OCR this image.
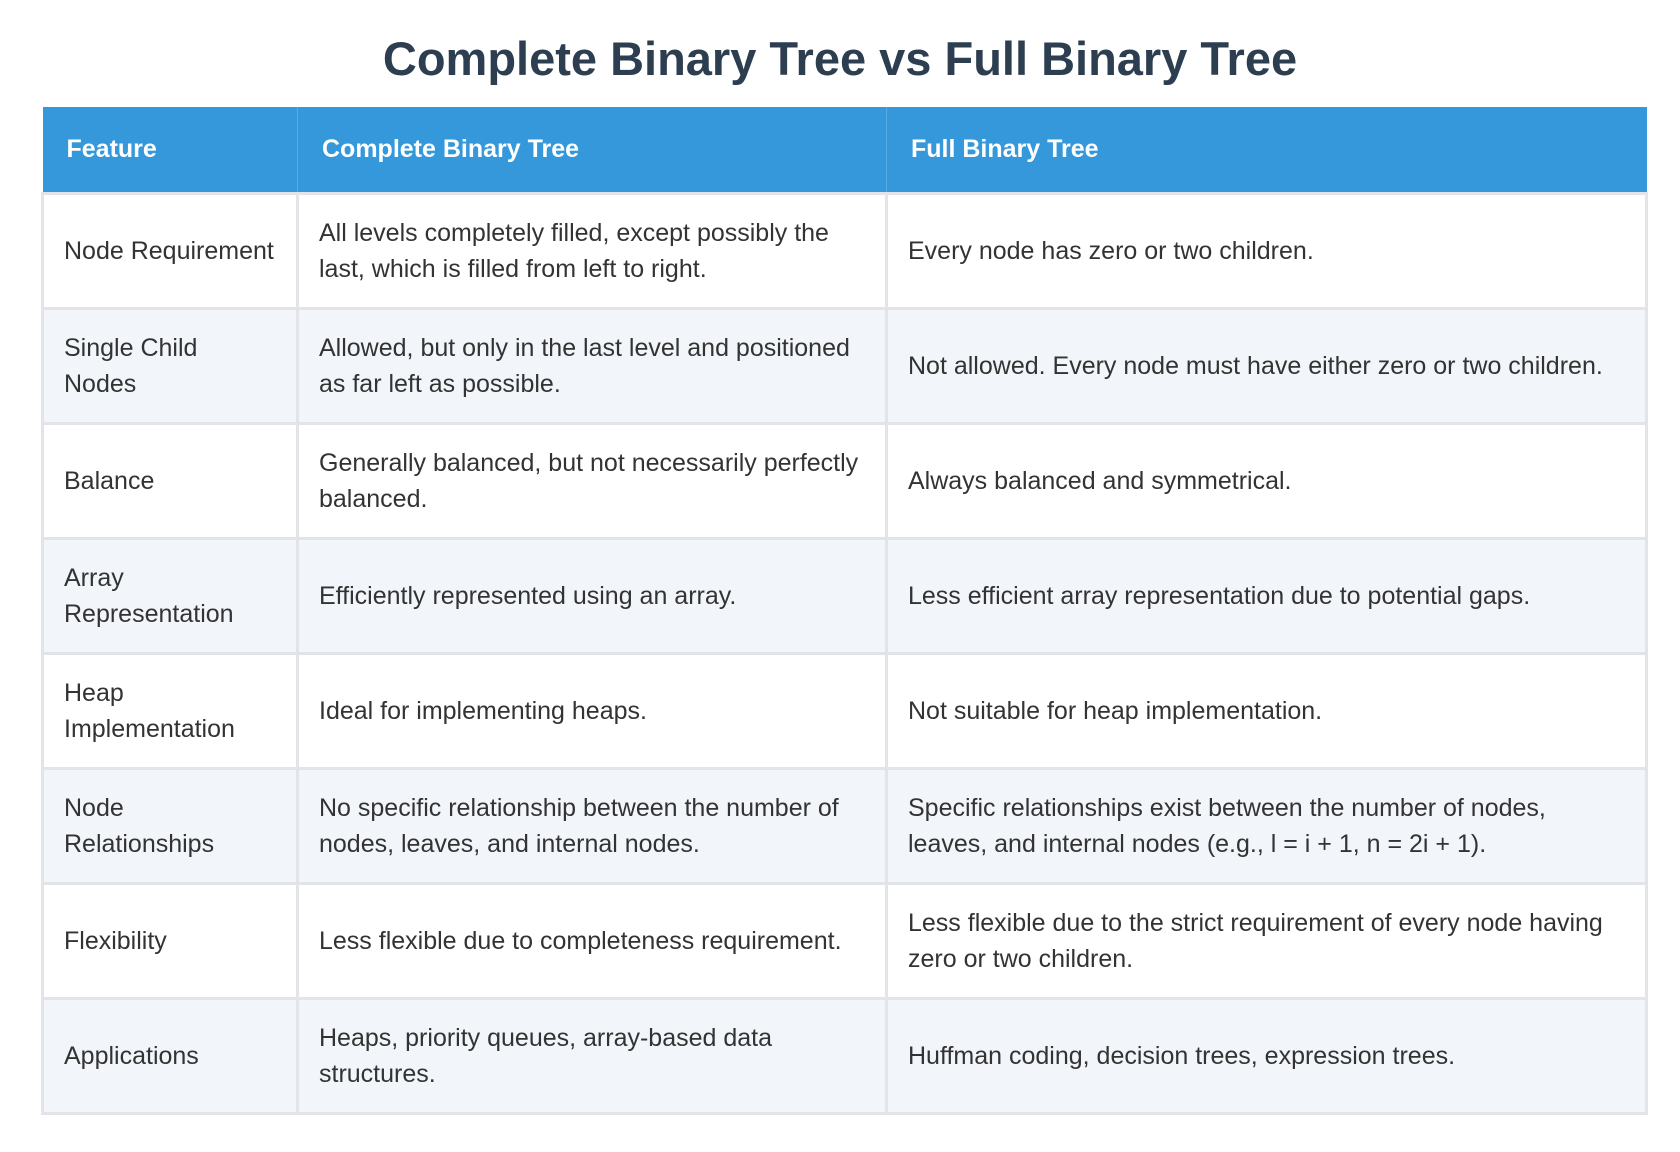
Complete Binary Tree vs Full Binary Tree
Feature	Complete Binary Tree	Full Binary Tree
Node Requirement	All levels completely filled, except possibly the last, which is filled from left to right.	Every node has zero or two children.
Single Child Nodes	Allowed, but only in the last level and positioned as far left as possible.	Not allowed. Every node must have either zero or two children.
Balance	Generally balanced, but not necessarily perfectly balanced.	Always balanced and symmetrical.
Array Representation	Efficiently represented using an array.	Less efficient array representation due to potential gaps.
Heap Implementation	Ideal for implementing heaps.	Not suitable for heap implementation.
Node Relationships	No specific relationship between the number of nodes, leaves, and internal nodes.	Specific relationships exist between the number of nodes, leaves, and internal nodes (e.g., l = i + 1, n = 2i + 1).
Flexibility	Less flexible due to completeness requirement.	Less flexible due to the strict requirement of every node having zero or two children.
Applications	Heaps, priority queues, array-based data structures.	Huffman coding, decision trees, expression trees.
